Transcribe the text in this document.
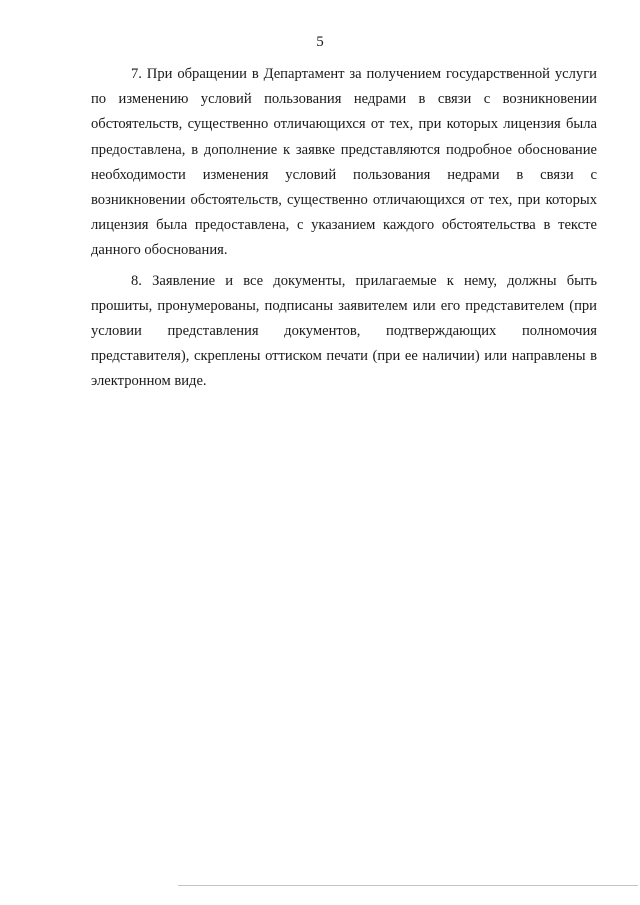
5

7. При обращении в Департамент за получением государственной услуги по изменению условий пользования недрами в связи с возникновении обстоятельств, существенно отличающихся от тех, при которых лицензия была предоставлена, в дополнение к заявке представляются подробное обоснование необходимости изменения условий пользования недрами в связи с возникновении обстоятельств, существенно отличающихся от тех, при которых лицензия была предоставлена, с указанием каждого обстоятельства в тексте данного обоснования.

8. Заявление и все документы, прилагаемые к нему, должны быть прошиты, пронумерованы, подписаны заявителем или его представителем (при условии представления документов, подтверждающих полномочия представителя), скреплены оттиском печати (при ее наличии) или направлены в электронном виде.
